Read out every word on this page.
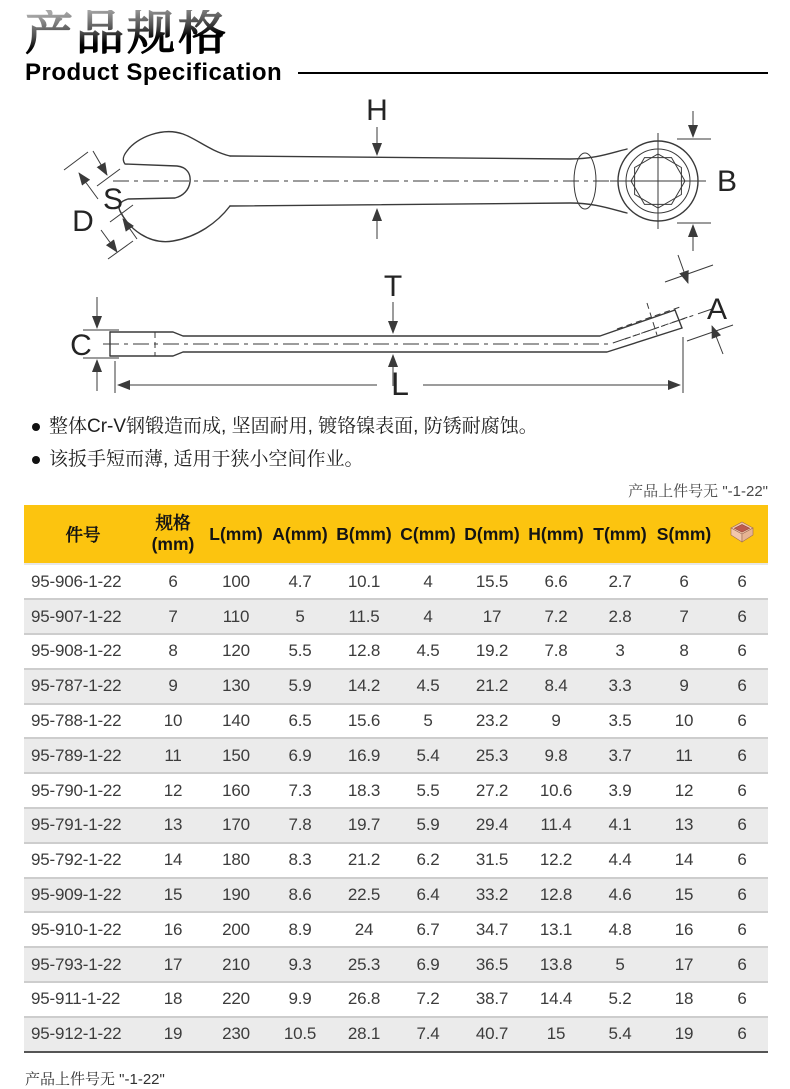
产品规格
Product Specification
H
B
S
D
C
T
A
L
整体Cr-V钢锻造而成, 坚固耐用, 镀铬镍表面, 防锈耐腐蚀。
该扳手短而薄, 适用于狭小空间作业。
产品上件号无 "-1-22"
件号	规格
(mm)	L(mm)	A(mm)	B(mm)	C(mm)	D(mm)	H(mm)	T(mm)	S(mm)	
95-906-1-22	6	100	4.7	10.1	4	15.5	6.6	2.7	6	6
95-907-1-22	7	110	5	11.5	4	17	7.2	2.8	7	6
95-908-1-22	8	120	5.5	12.8	4.5	19.2	7.8	3	8	6
95-787-1-22	9	130	5.9	14.2	4.5	21.2	8.4	3.3	9	6
95-788-1-22	10	140	6.5	15.6	5	23.2	9	3.5	10	6
95-789-1-22	11	150	6.9	16.9	5.4	25.3	9.8	3.7	11	6
95-790-1-22	12	160	7.3	18.3	5.5	27.2	10.6	3.9	12	6
95-791-1-22	13	170	7.8	19.7	5.9	29.4	11.4	4.1	13	6
95-792-1-22	14	180	8.3	21.2	6.2	31.5	12.2	4.4	14	6
95-909-1-22	15	190	8.6	22.5	6.4	33.2	12.8	4.6	15	6
95-910-1-22	16	200	8.9	24	6.7	34.7	13.1	4.8	16	6
95-793-1-22	17	210	9.3	25.3	6.9	36.5	13.8	5	17	6
95-911-1-22	18	220	9.9	26.8	7.2	38.7	14.4	5.2	18	6
95-912-1-22	19	230	10.5	28.1	7.4	40.7	15	5.4	19	6
产品上件号无 "-1-22"
